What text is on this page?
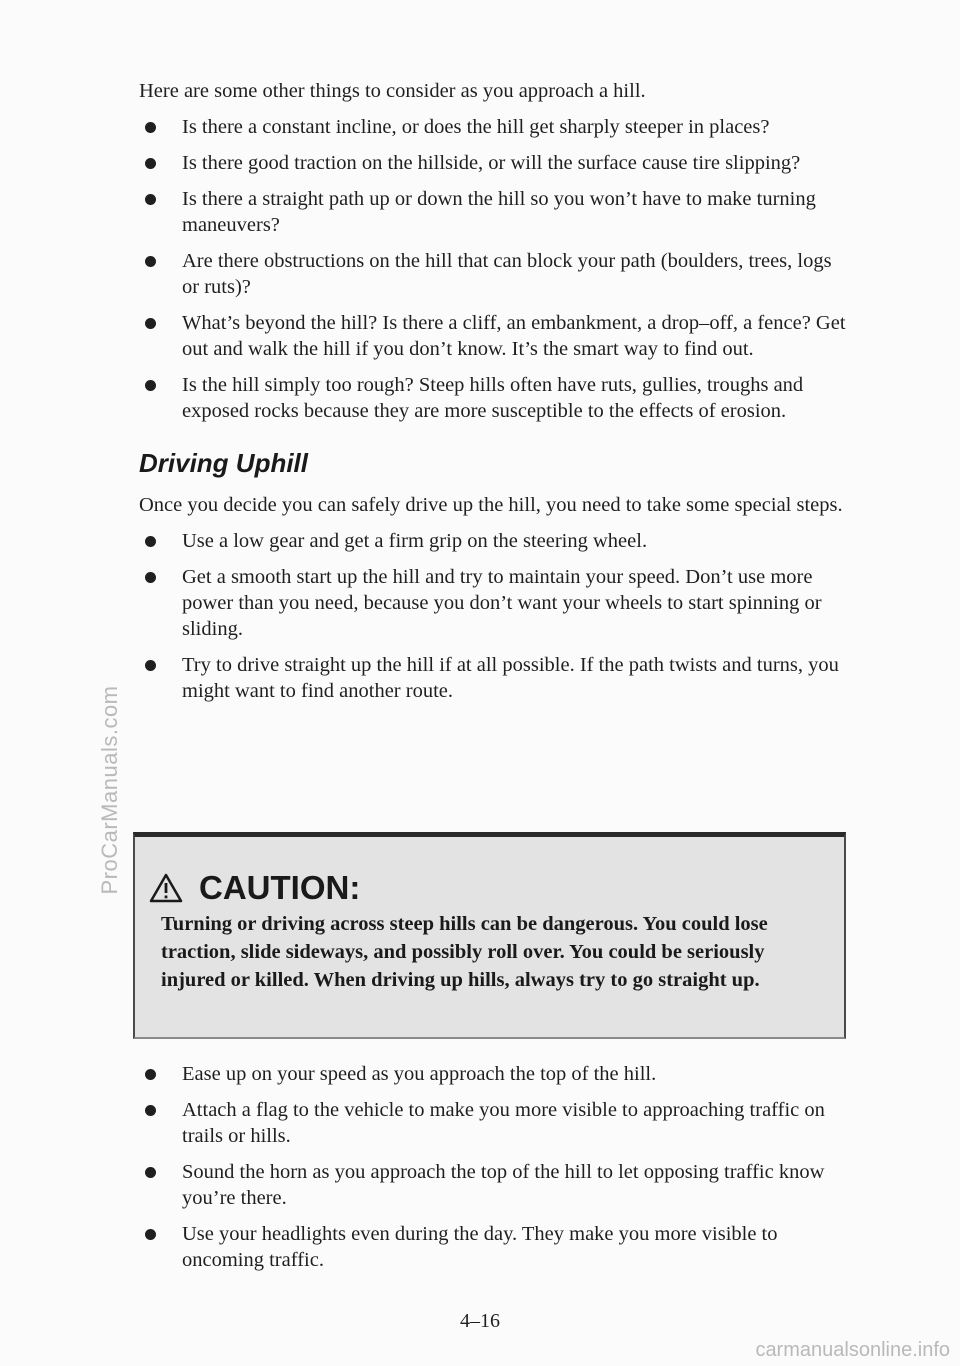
ProCarManuals.com

Here are some other things to consider as you approach a hill.

Is there a constant incline, or does the hill get sharply steeper in places?
Is there good traction on the hillside, or will the surface cause tire slipping?
Is there a straight path up or down the hill so you won’t have to make turning maneuvers?
Are there obstructions on the hill that can block your path (boulders, trees, logs or ruts)?
What’s beyond the hill? Is there a cliff, an embankment, a drop–off, a fence? Get out and walk the hill if you don’t know. It’s the smart way to find out.
Is the hill simply too rough? Steep hills often have ruts, gullies, troughs and exposed rocks because they are more susceptible to the effects of erosion.
Driving Uphill

Once you decide you can safely drive up the hill, you need to take some special steps.

Use a low gear and get a firm grip on the steering wheel.
Get a smooth start up the hill and try to maintain your speed. Don’t use more power than you need, because you don’t want your wheels to start spinning or sliding.
Try to drive straight up the hill if at all possible. If the path twists and turns, you might want to find another route.
CAUTION:
Turning or driving across steep hills can be dangerous. You could lose traction, slide sideways, and possibly roll over. You could be seriously injured or killed. When driving up hills, always try to go straight up.
Ease up on your speed as you approach the top of the hill.
Attach a flag to the vehicle to make you more visible to approaching traffic on trails or hills.
Sound the horn as you approach the top of the hill to let opposing traffic know you’re there.
Use your headlights even during the day. They make you more visible to oncoming traffic.
4–16
carmanualsonline.info
